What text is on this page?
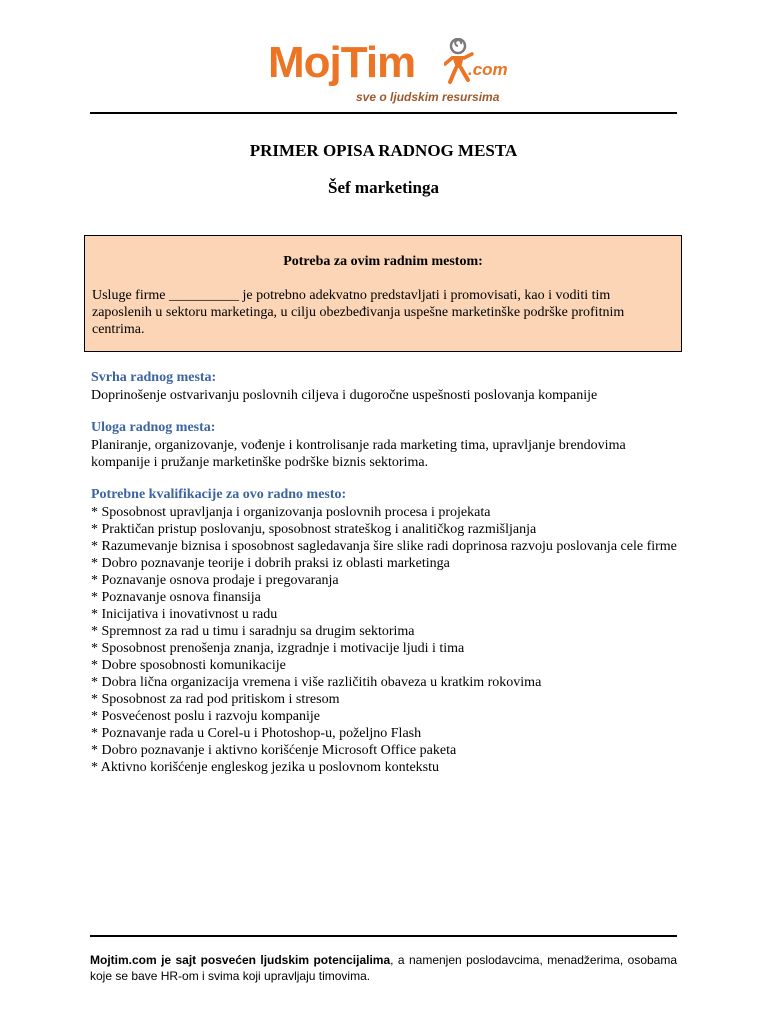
MojTim	.com
sve o ljudskim resursima
PRIMER OPISA RADNOG MESTA
Šef marketinga
Potreba za ovim radnim mestom:
Usluge firme __________ je potrebno adekvatno predstavljati i promovisati, kao i voditi tim zaposlenih u sektoru marketinga, u cilju obezbeđivanja uspešne marketinške podrške profitnim centrima.
Svrha radnog mesta:
Doprinošenje ostvarivanju poslovnih ciljeva i dugoročne uspešnosti poslovanja kompanije
Uloga radnog mesta:
Planiranje, organizovanje, vođenje i kontrolisanje rada marketing tima, upravljanje brendovima kompanije i pružanje marketinške podrške biznis sektorima.
Potrebne kvalifikacije za ovo radno mesto:
* Sposobnost upravljanja i organizovanja poslovnih procesa i projekata
* Praktičan pristup poslovanju, sposobnost strateškog i analitičkog razmišljanja
* Razumevanje biznisa i sposobnost sagledavanja šire slike radi doprinosa razvoju poslovanja cele firme
* Dobro poznavanje teorije i dobrih praksi iz oblasti marketinga
* Poznavanje osnova prodaje i pregovaranja
* Poznavanje osnova finansija
* Inicijativa i inovativnost u radu
* Spremnost za rad u timu i saradnju sa drugim sektorima
* Sposobnost prenošenja znanja, izgradnje i motivacije ljudi i tima
* Dobre sposobnosti komunikacije
* Dobra lična organizacija vremena i više različitih obaveza u kratkim rokovima
* Sposobnost za rad pod pritiskom i stresom
* Posvećenost poslu i razvoju kompanije
* Poznavanje rada u Corel-u i Photoshop-u, poželjno Flash
* Dobro poznavanje i aktivno korišćenje Microsoft Office paketa
* Aktivno korišćenje engleskog jezika u poslovnom kontekstu
Mojtim.com je sajt posvećen ljudskim potencijalima, a namenjen poslodavcima, menadžerima, osobama koje se bave HR-om i svima koji upravljaju timovima.
